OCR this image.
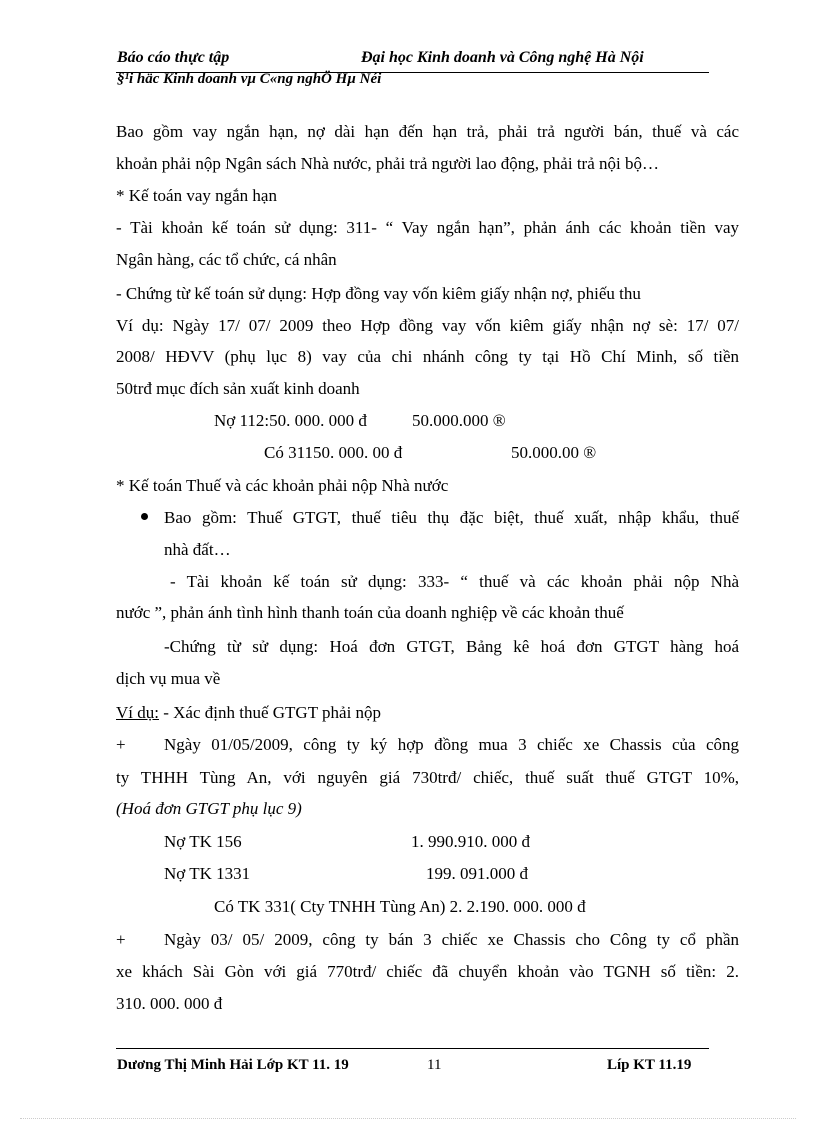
Báo cáo thực tập	Đại học Kinh doanh và Công nghệ Hà Nội
§¹i häc Kinh doanh vµ C«ng nghÖ Hµ Néi
Bao gồm vay ngắn hạn, nợ dài hạn đến hạn trả, phải trả người bán, thuế và các
khoản phải nộp Ngân sách Nhà nước, phải trả người lao động, phải trả nội bộ…
* Kế toán vay ngắn hạn
- Tài khoản kế toán sử dụng: 311- “ Vay ngắn hạn”, phản ánh các khoản tiền vay
Ngân hàng, các tổ chức, cá nhân
- Chứng từ kế toán sử dụng: Hợp đồng vay vốn kiêm giấy nhận nợ, phiếu thu
Ví dụ: Ngày 17/ 07/ 2009 theo Hợp đồng vay vốn kiêm giấy nhận nợ sè: 17/ 07/
2008/ HĐVV (phụ lục 8) vay của chi nhánh công ty tại Hồ Chí Minh, số tiền
50trđ mục đích sản xuất kinh doanh
Nợ 112:50. 000. 000 đ	50.000.000 ®
Có 31150. 000. 00 đ	50.000.00 ®
* Kế toán Thuế và các khoản phải nộp Nhà nước
Bao gồm: Thuế GTGT, thuế tiêu thụ đặc biệt, thuế xuất, nhập khẩu, thuế
nhà đất…
- Tài khoản kế toán sử dụng: 333- “ thuế và các khoản phải nộp Nhà
nước ”, phản ánh tình hình thanh toán của doanh nghiệp về các khoản thuế
-Chứng từ sử dụng: Hoá đơn GTGT, Bảng kê hoá đơn GTGT hàng hoá
dịch vụ mua về
Ví dụ: - Xác định thuế GTGT phải nộp
+ Ngày 01/05/2009, công ty ký hợp đồng mua 3 chiếc xe Chassis của công
ty THHH Tùng An, với nguyên giá 730trđ/ chiếc, thuế suất thuế GTGT 10%,
(Hoá đơn GTGT phụ lục 9)
Nợ TK 156	1. 990.910. 000 đ
Nợ TK 1331	199. 091.000 đ
Có TK 331( Cty TNHH Tùng An) 2. 2.190. 000. 000 đ
+ Ngày 03/ 05/ 2009, công ty bán 3 chiếc xe Chassis cho Công ty cổ phần
xe khách Sài Gòn với giá 770trđ/ chiếc đã chuyển khoản vào TGNH số tiền: 2.
310. 000. 000 đ
Dương Thị Minh Hải Lớp KT 11. 19	11	Líp KT 11.19
